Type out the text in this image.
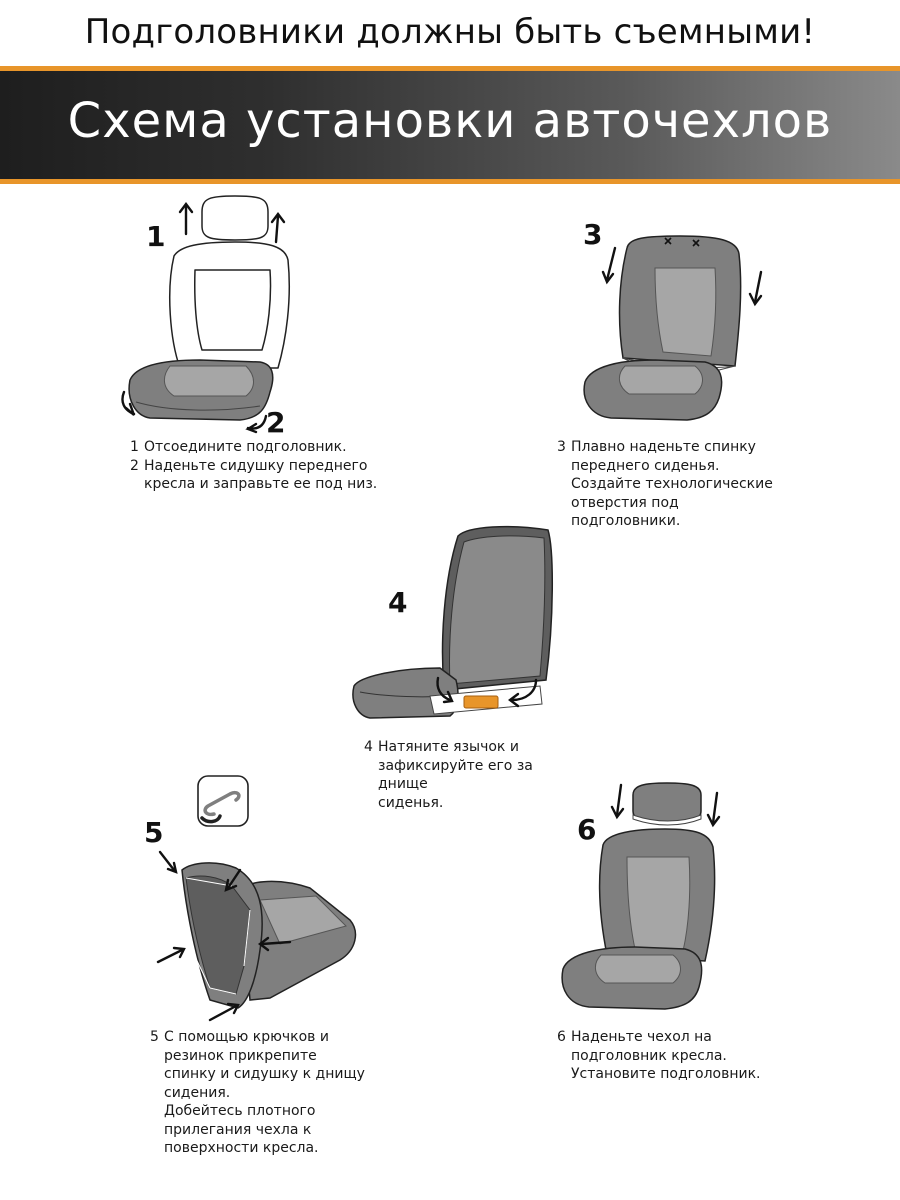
Подголовники должны быть съемными!
Схема установки авточехлов
1
2
1 Отсоедините подголовник.
2 Наденьте сидушку переднего
кресла и заправьте ее под низ.
3
3 Плавно наденьте спинку
переднего сиденья.
Создайте технологические
отверстия под
подголовники.
4
4 Натяните язычок и
зафиксируйте его за
днище
сиденья.
5
5 С помощью крючков и
резинок прикрепите
спинку и сидушку к днищу
сидения.
Добейтесь плотного
прилегания чехла к
поверхности кресла.
6
6 Наденьте чехол на
подголовник кресла.
Установите подголовник.
